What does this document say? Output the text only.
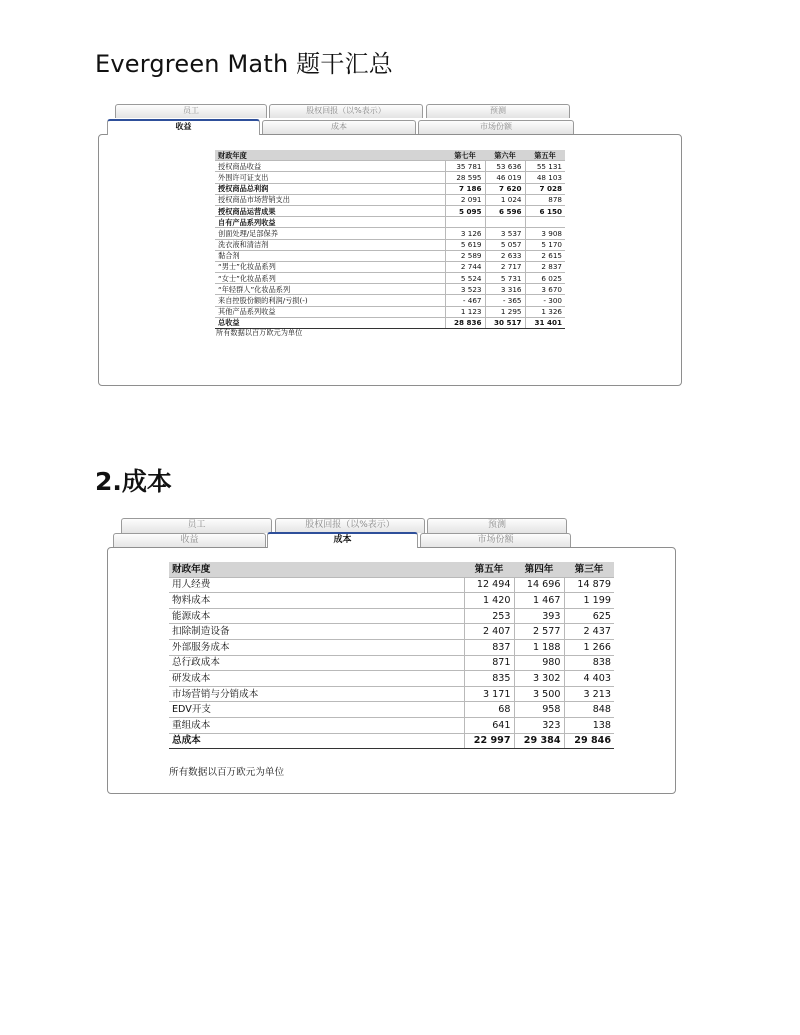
Evergreen Math 题干汇总
员工	股权回报（以%表示）	预测
收益	成本	市场份额
财政年度	第七年	第六年	第五年
授权商品收益	35 781	53 636	55 131
外围许可证支出	28 595	46 019	48 103
授权商品总利润	7 186	7 620	7 028
授权商品市场营销支出	2 091	1 024	878
授权商品运营成果	5 095	6 596	6 150
自有产品系列收益			
创面处理/足部保养	3 126	3 537	3 908
洗衣液和清洁剂	5 619	5 057	5 170
黏合剂	2 589	2 633	2 615
“男士”化妆品系列	2 744	2 717	2 837
“女士”化妆品系列	5 524	5 731	6 025
“年轻群人”化妆品系列	3 523	3 316	3 670
来自控股份额的利润/亏损(-)	- 467	- 365	- 300
其他产品系列收益	1 123	1 295	1 326
总收益	28 836	30 517	31 401
所有数据以百万欧元为单位
2.成本
员工	股权回报（以%表示）	预测
收益	成本	市场份额
财政年度	第五年	第四年	第三年
用人经费	12 494	14 696	14 879
物料成本	1 420	1 467	1 199
能源成本	253	393	625
扣除制造设备	2 407	2 577	2 437
外部服务成本	837	1 188	1 266
总行政成本	871	980	838
研发成本	835	3 302	4 403
市场营销与分销成本	3 171	3 500	3 213
EDV开支	68	958	848
重组成本	641	323	138
总成本	22 997	29 384	29 846
所有数据以百万欧元为单位
